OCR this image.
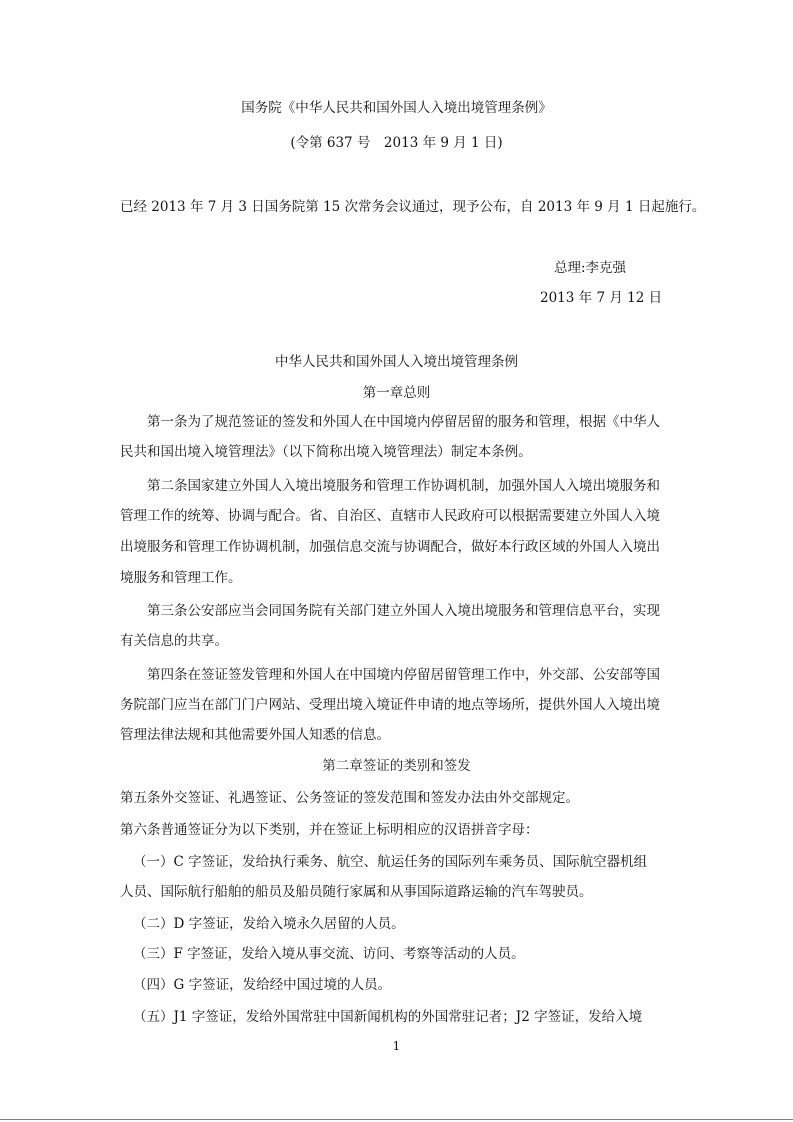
国务院《中华人民共和国外国人入境出境管理条例》
(令第 637 号　2013 年 9 月 1 日)
已经 2013 年 7 月 3 日国务院第 15 次常务会议通过，现予公布，自 2013 年 9 月 1 日起施行。
总理:李克强
2013 年 7 月 12 日
中华人民共和国外国人入境出境管理条例
第一章总则
第一条为了规范签证的签发和外国人在中国境内停留居留的服务和管理，根据《中华人
民共和国出境入境管理法》（以下简称出境入境管理法）制定本条例。
第二条国家建立外国人入境出境服务和管理工作协调机制，加强外国人入境出境服务和
管理工作的统筹、协调与配合。省、自治区、直辖市人民政府可以根据需要建立外国人入境
出境服务和管理工作协调机制，加强信息交流与协调配合，做好本行政区域的外国人入境出
境服务和管理工作。
第三条公安部应当会同国务院有关部门建立外国人入境出境服务和管理信息平台，实现
有关信息的共享。
第四条在签证签发管理和外国人在中国境内停留居留管理工作中，外交部、公安部等国
务院部门应当在部门门户网站、受理出境入境证件申请的地点等场所，提供外国人入境出境
管理法律法规和其他需要外国人知悉的信息。
第二章签证的类别和签发
第五条外交签证、礼遇签证、公务签证的签发范围和签发办法由外交部规定。
第六条普通签证分为以下类别，并在签证上标明相应的汉语拼音字母：
（一）C 字签证，发给执行乘务、航空、航运任务的国际列车乘务员、国际航空器机组
人员、国际航行船舶的船员及船员随行家属和从事国际道路运输的汽车驾驶员。
（二）D 字签证，发给入境永久居留的人员。
（三）F 字签证，发给入境从事交流、访问、考察等活动的人员。
（四）G 字签证，发给经中国过境的人员。
（五）J1 字签证，发给外国常驻中国新闻机构的外国常驻记者；J2 字签证，发给入境
1
